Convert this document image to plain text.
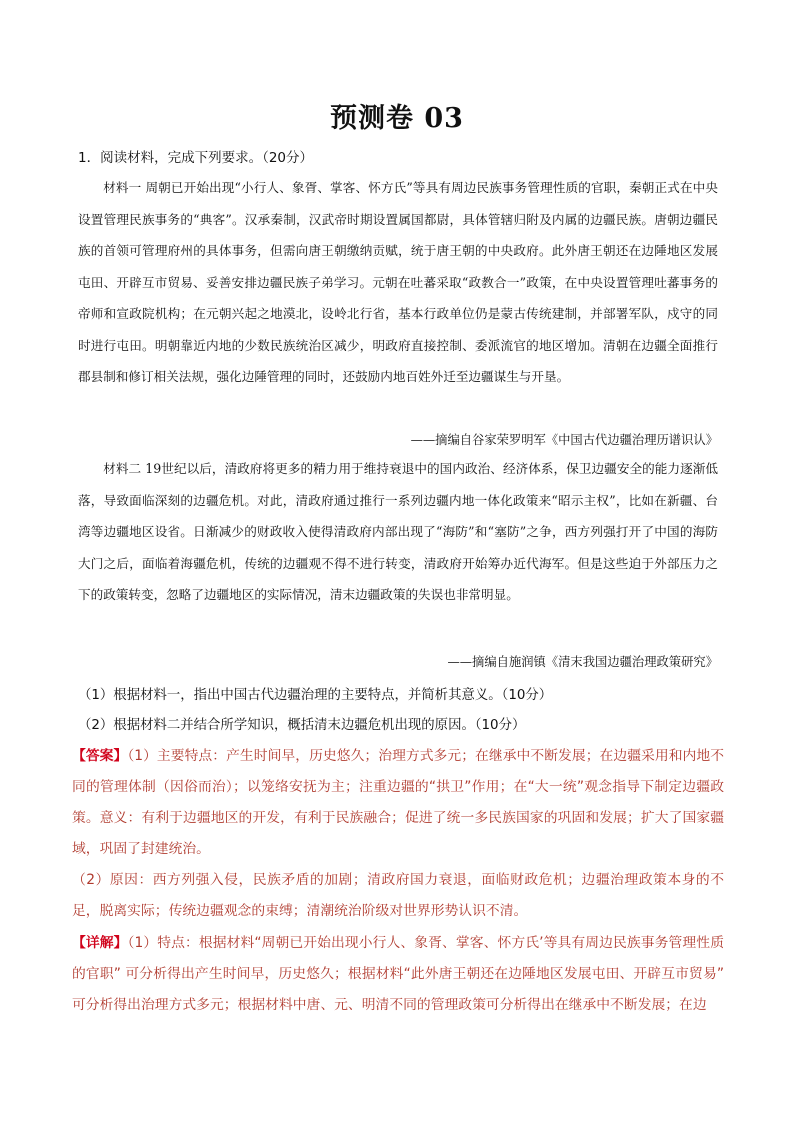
预测卷 03
1．阅读材料，完成下列要求。（20分）
材料一 周朝已开始出现“小行人、象胥、掌客、怀方氏”等具有周边民族事务管理性质的官职，秦朝正式在中央设置管理民族事务的“典客”。汉承秦制，汉武帝时期设置属国都尉，具体管辖归附及内属的边疆民族。唐朝边疆民族的首领可管理府州的具体事务，但需向唐王朝缴纳贡赋，统于唐王朝的中央政府。此外唐王朝还在边陲地区发展屯田、开辟互市贸易、妥善安排边疆民族子弟学习。元朝在吐蕃采取“政教合一”政策，在中央设置管理吐蕃事务的帝师和宣政院机构；在元朝兴起之地漠北，设岭北行省，基本行政单位仍是蒙古传统建制，并部署军队，戍守的同时进行屯田。明朝靠近内地的少数民族统治区减少，明政府直接控制、委派流官的地区增加。清朝在边疆全面推行郡县制和修订相关法规，强化边陲管理的同时，还鼓励内地百姓外迁至边疆谋生与开垦。
——摘编自谷家荣罗明军《中国古代边疆治理历谱识认》
材料二 19世纪以后，清政府将更多的精力用于维持衰退中的国内政治、经济体系，保卫边疆安全的能力逐渐低落，导致面临深刻的边疆危机。对此，清政府通过推行一系列边疆内地一体化政策来“昭示主权”，比如在新疆、台湾等边疆地区设省。日渐减少的财政收入使得清政府内部出现了“海防”和“塞防”之争，西方列强打开了中国的海防大门之后，面临着海疆危机，传统的边疆观不得不进行转变，清政府开始筹办近代海军。但是这些迫于外部压力之下的政策转变，忽略了边疆地区的实际情况，清末边疆政策的失误也非常明显。
——摘编自施润镇《清末我国边疆治理政策研究》
（1）根据材料一，指出中国古代边疆治理的主要特点，并简析其意义。（10分）
（2）根据材料二并结合所学知识，概括清末边疆危机出现的原因。（10分）
【答案】（1）主要特点：产生时间早，历史悠久；治理方式多元；在继承中不断发展；在边疆采用和内地不同的管理体制（因俗而治）；以笼络安抚为主；注重边疆的“拱卫”作用；在“大一统”观念指导下制定边疆政策。意义：有利于边疆地区的开发，有利于民族融合；促进了统一多民族国家的巩固和发展；扩大了国家疆域，巩固了封建统治。
（2）原因：西方列强入侵，民族矛盾的加剧；清政府国力衰退，面临财政危机；边疆治理政策本身的不足，脱离实际；传统边疆观念的束缚；清潮统治阶级对世界形势认识不清。
【详解】（1）特点：根据材料“周朝已开始出现小行人、象胥、掌客、怀方氏’等具有周边民族事务管理性质的官职” 可分析得出产生时间早，历史悠久；根据材料“此外唐王朝还在边陲地区发展屯田、开辟互市贸易” 可分析得出治理方式多元；根据材料中唐、元、明清不同的管理政策可分析得出在继承中不断发展；在边
